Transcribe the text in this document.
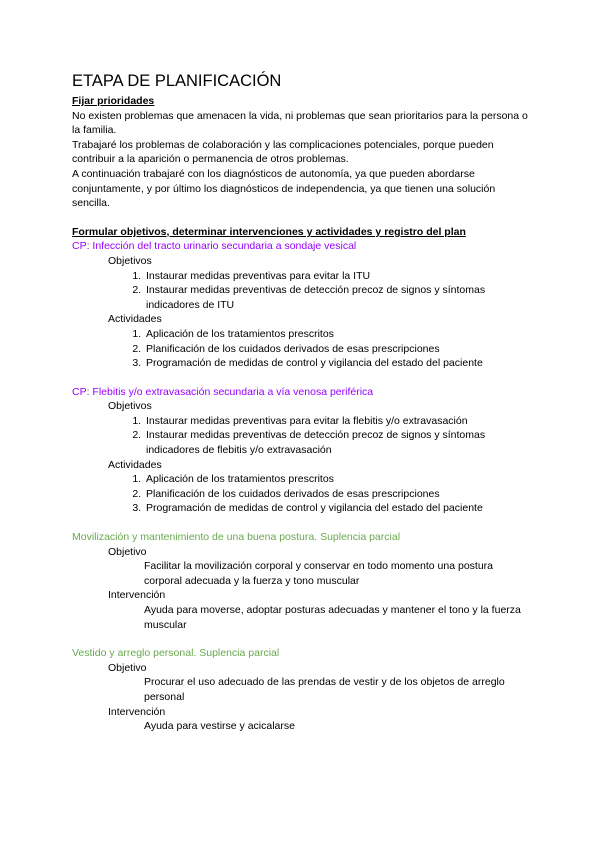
ETAPA DE PLANIFICACIÓN

Fijar prioridades

No existen problemas que amenacen la vida, ni problemas que sean prioritarios para la persona o la familia.

Trabajaré los problemas de colaboración y las complicaciones potenciales, porque pueden contribuir a la aparición o permanencia de otros problemas.

A continuación trabajaré con los diagnósticos de autonomía, ya que pueden abordarse conjuntamente, y por último los diagnósticos de independencia, ya que tienen una solución sencilla.

Formular objetivos, determinar intervenciones y actividades y registro del plan

CP: Infección del tracto urinario secundaria a sondaje vesical

Objetivos

1. Instaurar medidas preventivas para evitar la ITU
2. Instaurar medidas preventivas de detección precoz de signos y síntomas indicadores de ITU

Actividades

1. Aplicación de los tratamientos prescritos
2. Planificación de los cuidados derivados de esas prescripciones
3. Programación de medidas de control y vigilancia del estado del paciente

CP: Flebitis y/o extravasación secundaria a vía venosa periférica

Objetivos

1. Instaurar medidas preventivas para evitar la flebitis y/o extravasación
2. Instaurar medidas preventivas de detección precoz de signos y síntomas indicadores de flebitis y/o extravasación

Actividades

1. Aplicación de los tratamientos prescritos
2. Planificación de los cuidados derivados de esas prescripciones
3. Programación de medidas de control y vigilancia del estado del paciente

Movilización y mantenimiento de una buena postura. Suplencia parcial

Objetivo

Facilitar la movilización corporal y conservar en todo momento una postura corporal adecuada y la fuerza y tono muscular

Intervención

Ayuda para moverse, adoptar posturas adecuadas y mantener el tono y la fuerza muscular

Vestido y arreglo personal. Suplencia parcial

Objetivo

Procurar el uso adecuado de las prendas de vestir y de los objetos de arreglo personal

Intervención

Ayuda para vestirse y acicalarse
